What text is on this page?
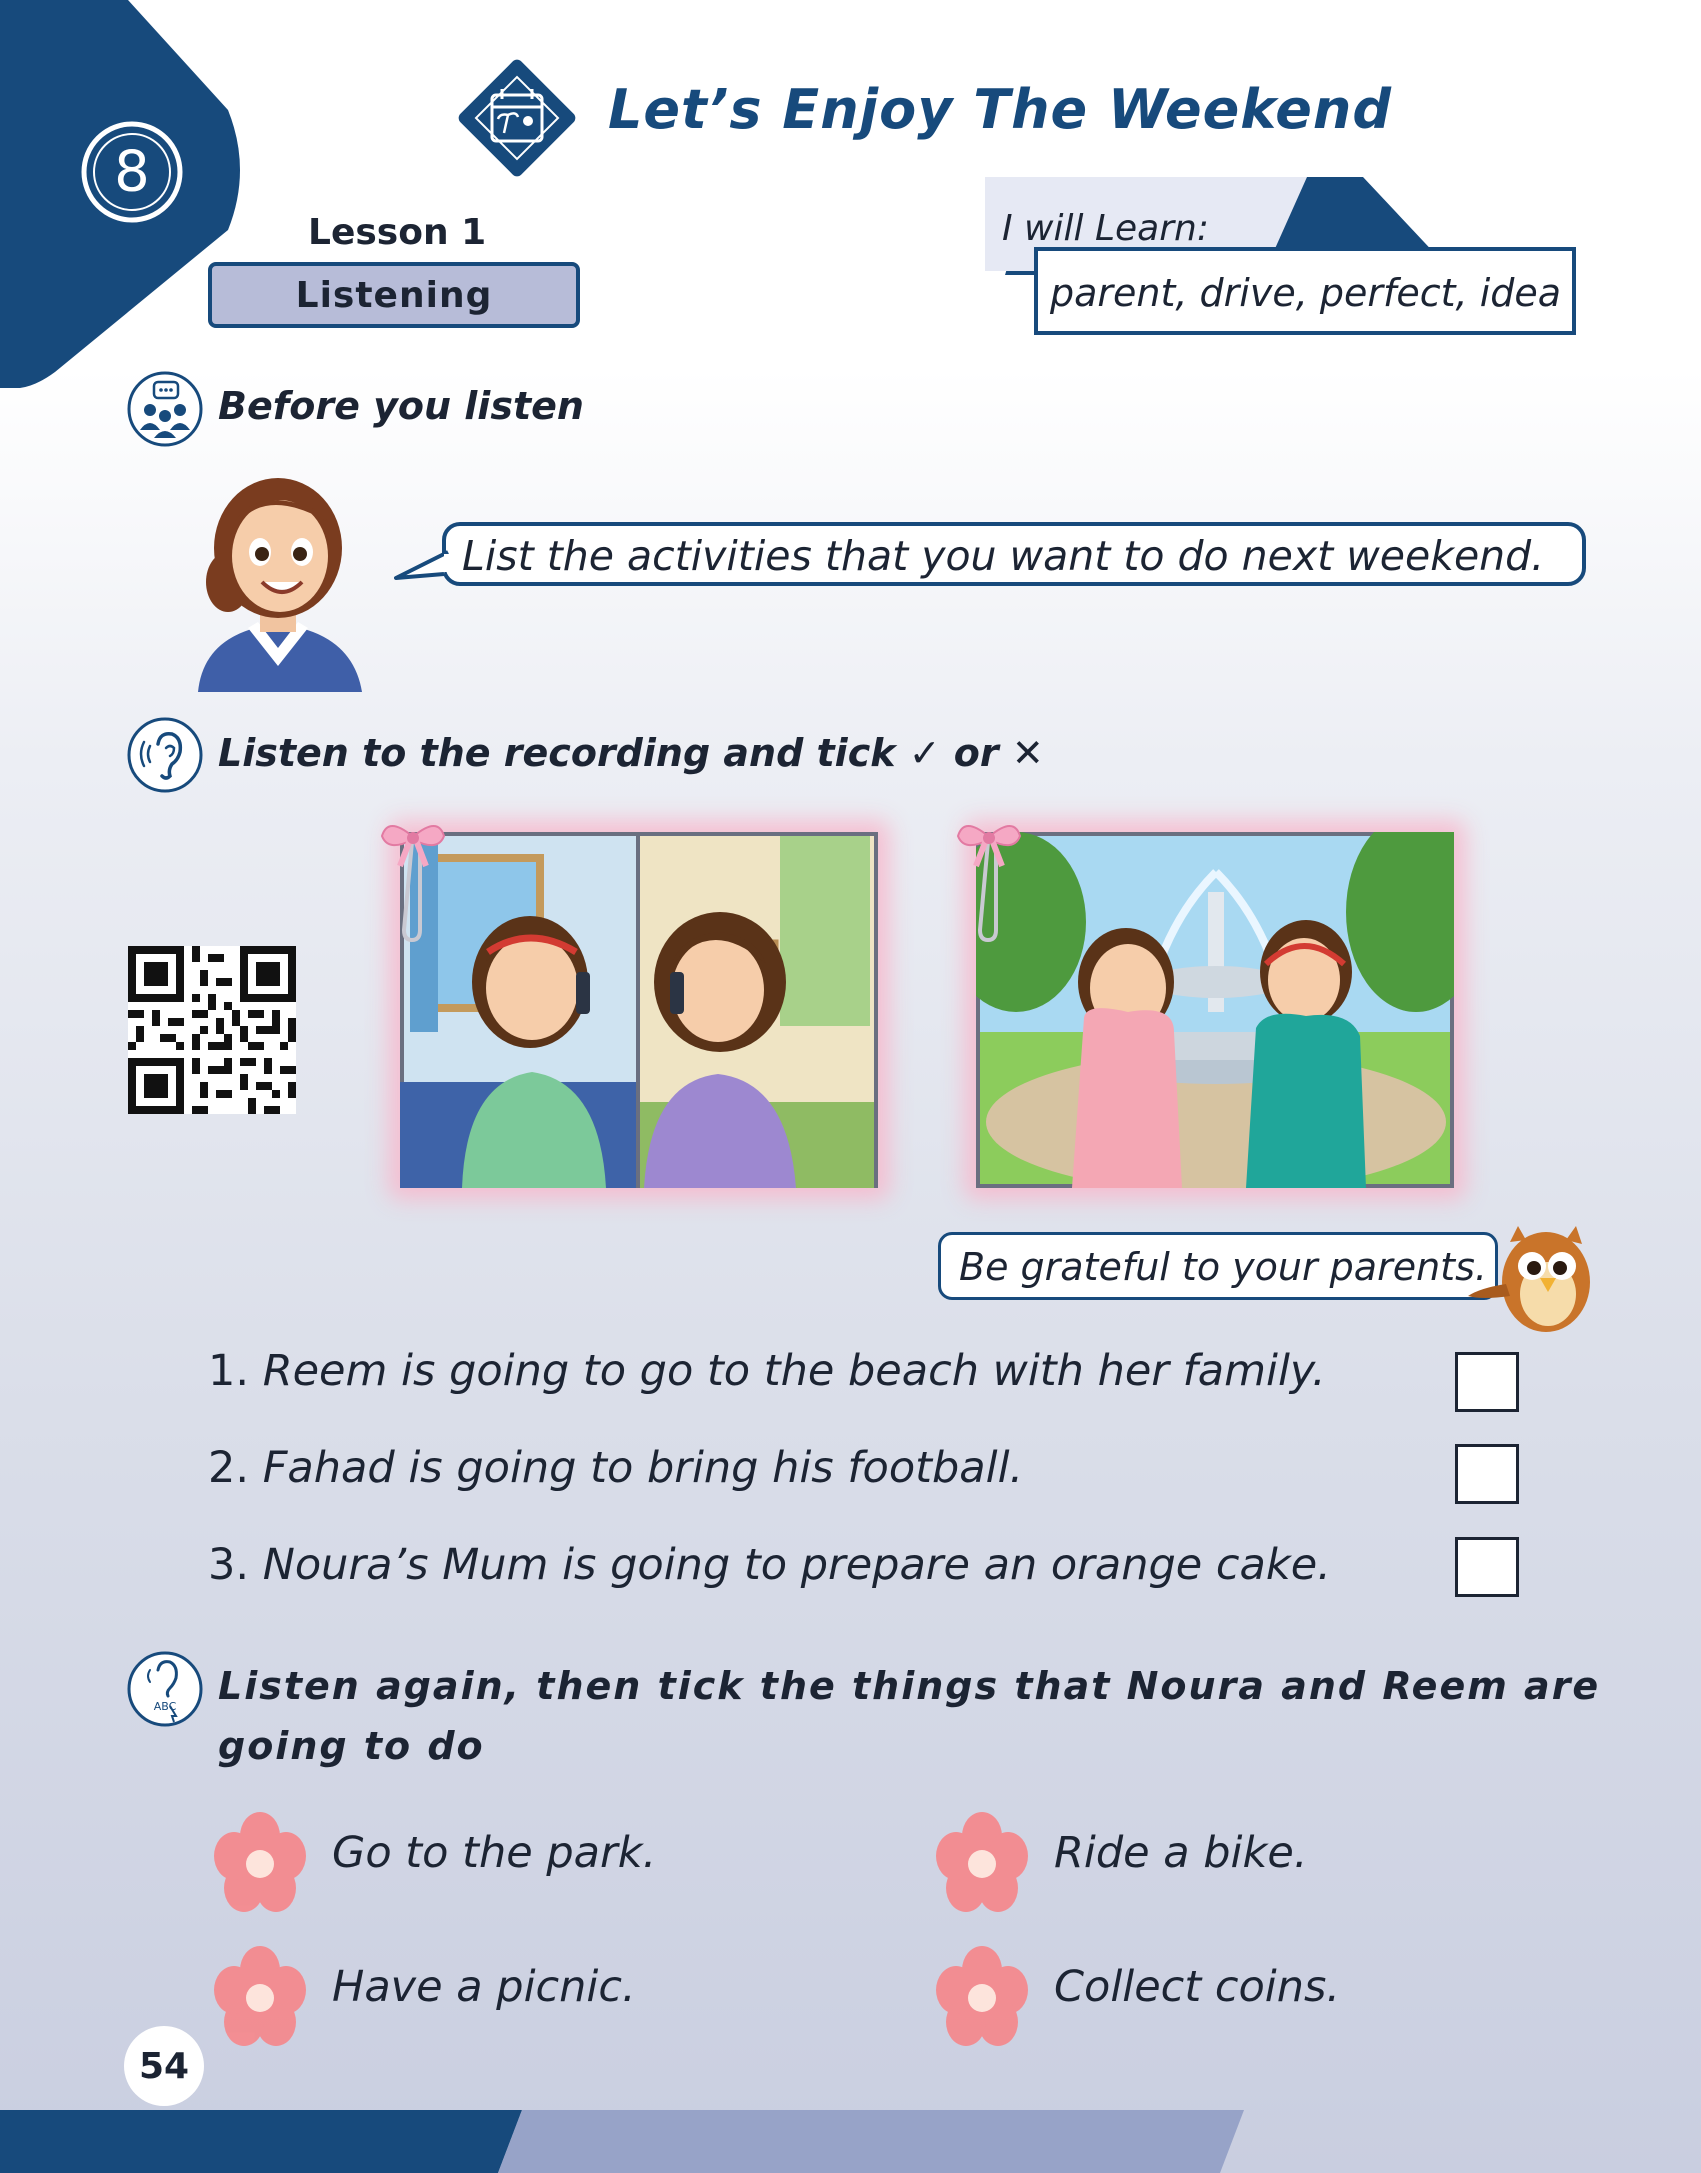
8
Let’s Enjoy The Weekend
Lesson 1
Listening	parent, drive, perfect, idea
I will Learn:
Before you listen
List the activities that you want to do next weekend.
Listen to the recording and tick ✓ or ✕
Be grateful to your parents.
1. Reem is going to go to the beach with her family.
2. Fahad is going to bring his football.
3. Noura’s Mum is going to prepare an orange cake.
ABC Listen again, then tick the things that Noura and Reem are
going to do
Go to the park.	Ride a bike.
Have a picnic.	Collect coins.
54
